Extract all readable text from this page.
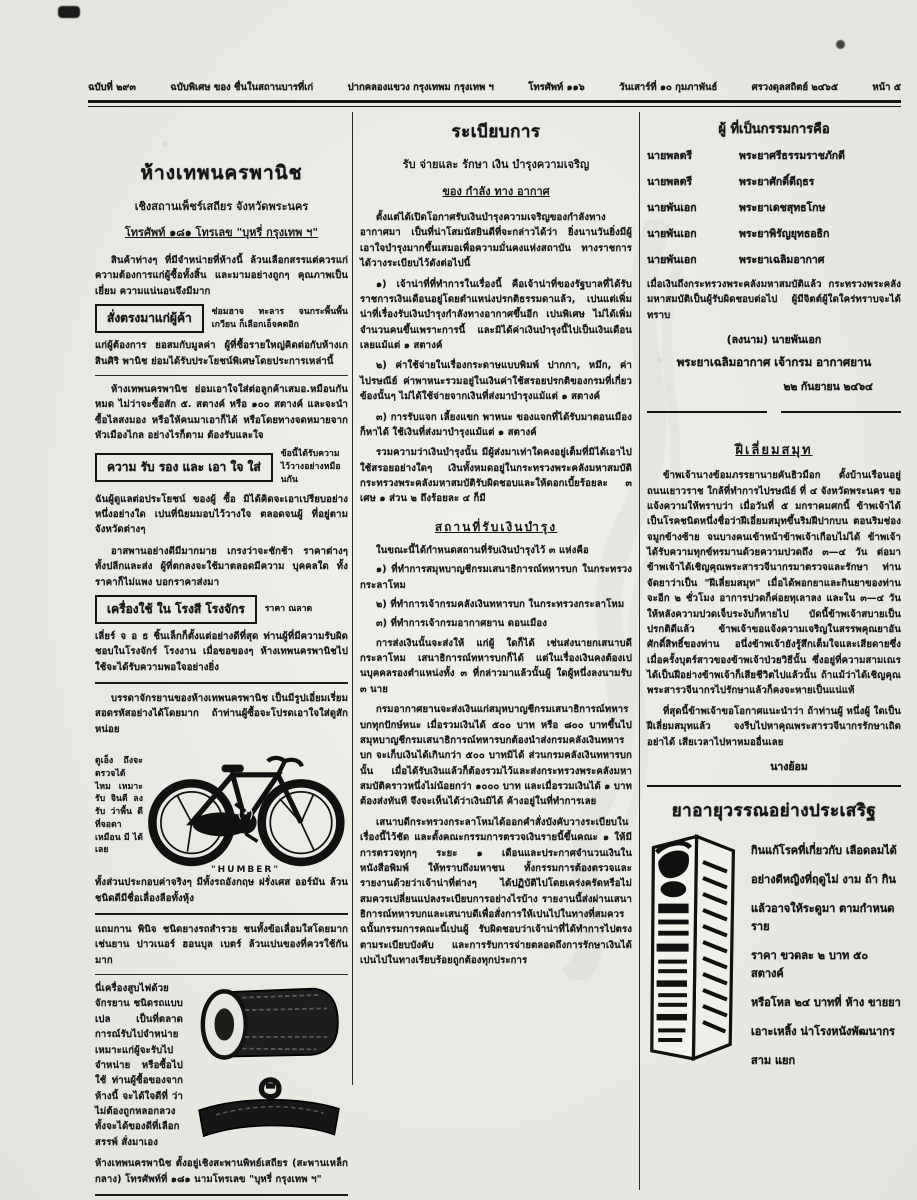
ฉบับที่ ๒๙๓	ฉบับพิเศษ ของ ชื่นในสถานบารที่เก่	ปากคลองแขวง กรุงเทพม กรุงเทพ ฯ	โทรศัพท์ ๑๑๖	วันเสาร์ที่ ๑๐ กุมภาพันธ์	ศรวงดุลสถิตย์ ๒๔๖๕	หน้า ๕
ห้างเทพนครพานิช
เชิงสถานเพ็ชร์เสถียร จังหวัดพระนคร
โทรศัพท์ ๑๘๑ โทรเลข "บุหรี่ กรุงเทพ ฯ"
สินค้าท่างๆ ที่มีจำหน่ายที่ห้างนี้ ล้วนเลือกสรรแต่ควรแก่ความต้องการแก่ผู้ซื้อทั้งสิ้น และมามอย่างถูกๆ คุณภาพเป็นเยี่ยม ความแน่นอนจึงมีมาก
สั่งตรงมาแก่ผู้ค้า	ซ่อมฮาจ ทะลาร จนกระพื้นพื้นเกวียน ก็เลือกเอ็จคดอิก
แก่ผู้ต้องการ ยอสมกับมูลค่า ผู้ที่ซื้อรายใหญ่คิดต่อกับห้างเกสินศิริ พานิช ย่อมได้รับประโยชน์พิเศษโดยประการเหล่านี้
ห้างเทพนครพานิช ย่อมเอาใจใส่ต่อลูกค้าเสมอ.หมือนกันหมด ไม่ว่าจะซื้อสัก ๕. สตางค์ หรือ ๑๐๐ สตางค์ และจะนำซื้อไลสงมอง หรือให้คนมาเอาก็ได้ หรือโดยทางจดหมายจากหัวเมืองไกล อย่างไรก็ตาม ต้องรับและใจ
ความ รับ รอง และ เอา ใจ ใส่
ข้อนี้ได้รับความไว้วางอย่างหมือนกัน
ฉันผู้ดูแลต่อประโยชน์ ของผู้ ซื้อ มิได้คิดจะเอาเปรียบอย่างหนึ่งอย่างใด เปนที่นิยมมอบไว้วางใจ ตลอดจนผู้ ที่อยู่ตามจังหวัดต่างๆ
อาสพานอย่างดีมีมากมาย เกรงว่าจะชักช้า ราคาต่างๆ ทั้งปลีกและส่ง ผู้ที่ตกลงจะใช้มาตลอดมีความ บุคคลใด ทั้งราคาก็ไม่แพง บอกราคาส่งมา
เครื่องใช้ ใน โรงสี โรงจักร	ราคา ณลาด
เลี่ยร์ จ อ ธ ชิ้นเล็กก็ตั้งแต่อย่างดีที่สุด ท่านผู้ที่มีความรับผิดชอบในโรงจักร์ โรงงาน เมื่อขอของๆ ห้างเทพนครพานิชไปใช้จะได้รับความพอใจอย่างยิ่ง
บรรดาจักรยานของห้างเทพนครพานิช เป็นมีรูปเอี่ยมเรี่ยม สอดรหัสอย่างได้โดยมาก ถ้าท่านผู้ซื้อจะโปรดเอาใจใส่ดูสักหน่อย
ดูเอ็ง ถึงจะ ตรวจได้ ไหม เหมาะรับ จินตี ลงรับ ว่าพื้น ดีที่จอดา เหมือน มี ได้เลย
(•)
"HUMBER"
ทั้งส่วนประกอบค่าจริงๆ มีทั้งรถอังกฤษ ฝรั่งเศส ออร์มัน ล้วนชนิดดีมีชื่อเลื่องลือทั้งหุ้ง
แถมกาน พินิจ ชนิดยางรถสำรวย ชนทั้งข้อเลื่อมใสโดยมาก เช่นยาน ปาวเนอร์ ฮอนบุล เบตร์ ล้วนเปนของที่ควรใช้กันมาก
นี่เครื่องสูบไฟด้วยจักรยาน ชนิดรถแบบเปล เป็นที่ตลาดการณ์รับไปจำหน่าย เหมาะแก่ผู้จะรับไปจำหน่าย หรือซื้อไปใช้ ท่านผู้ซื้อของจากห้างนี้ จะได้ใจดีที่ ว่าไม่ต้องถูกหลอกลวง ทั้งจะได้ของดีที่เลือกสรรพ์ สั่งมาเอง

ห้างเทพนครพานิช ตั้งอยู่เชิงสะพานพิทย์เสถียร (สะพานเหล็กกลาง) โทรศัพท์ที่ ๑๘๑ นามโทรเลข "บุหรี่ กรุงเทพ ฯ"
ระเบียบการ
รับ จ่ายและ รักษา เงิน บำรุงความเจริญ
ของ กำลัง ทาง อากาศ
ตั้งแต่ได้เปิดโอกาศรับเงินบำรุงความเจริญของกำลังทางอากาศมา เป็นที่น่าโสมนัสยินดีที่จะกล่าวได้ว่า ยิ่งนานวันยิ่งมีผู้เอาใจบำรุงมากขึ้นเสมอเพื่อความมั่นคงแห่งสถาบัน ทางราชการได้วางระเบียบไว้ดังต่อไปนี้
๑) เจ้าน่าที่ที่ทำการในเรื่องนี้ คือเจ้าน่าที่ของรัฐบาลที่ได้รับราชการเงินเดือนอยู่โดยตำแหน่งปรกติธรรมดาแล้ว, เปนแต่เพิ่มน่าที่เรื่องรับเงินบำรุงกำลังทางอากาศขึ้นอีก เปนพิเศษ ไม่ได้เพิ่มจำนวนคนขึ้นเพราะการนี้ และมิได้ค่าเงินบำรุงนี้ไปเป็นเงินเดือนเลยแม้แต่ ๑ สตางค์
๒) ค่าใช้จ่ายในเรื่องกระดาษแบบพิมพ์ ปากกา, หมึก, ค่าไปรษณีย์ ค่าพาหนะรวมอยู่ในเงินค่าใช้สรอยปรกติของกรมที่เกี่ยวข้องนั้นๆ ไม่ได้ใช้จ่ายจากเงินที่ส่งมาบำรุงแม้แต่ ๑ สตางค์
๓) การรับแจก เลี้ยงแขก พาหนะ ของแจกที่ได้รับมาตอนเมืองก็หาได้ ใช้เงินที่ส่งมาบำรุงแม้แต่ ๑ สตางค์
รวมความว่าเงินบำรุงนั้น มีผู้ส่งมาเท่าใดคงอยู่เต็มที่มิได้เอาไปใช้สรอยอย่างใดๆ เงินทั้งหมดอยู่ในกระทรวงพระคลังมหาสมบัติ กระทรวงพระคลังมหาสมบัติรับผิดชอบและให้ดอกเบี้ยร้อยละ ๓ เศษ ๑ ส่วน ๒ ถึงร้อยละ ๔ ก็มี
สถานที่รับเงินบำรุง
ในขณะนี้ได้กำหนดสถานที่รับเงินบำรุงไว้ ๓ แห่งคือ
๑) ที่ทำการสมุหบาญชีกรมเสนาธิการณ์ทหารบก ในกระทรวงกระลาโหม
๒) ที่ทำการเจ้ากรมคลังเงินทหารบก ในกระทรวงกระลาโหม
๓) ที่ทำการเจ้ากรมอากาศยาน ดอนเมือง
การส่งเงินนั้นจะส่งให้ แก่ผู้ ใดก็ได้ เช่นส่งนายกเสนาบดีกระลาโหม เสนาธิการณ์ทหารบกก็ได้ แต่ในเรื่องเงินคงต้องเปนบุคคลรองตำแหน่งทั้ง ๓ ที่กล่าวมาแล้วนั้นผู้ ใดผู้หนึ่งลงนามรับ ๓ นาย
กรมอากาศยานจะส่งเงินแก่สมุหบาญชีกรมเสนาธิการณ์ทหารบกทุกปักษ์หนะ เมื่อรวมเงินได้ ๕๐๐ บาท หรือ ๘๐๐ บาทขึ้นไป สมุหบาญชีกรมเสนาธิการณ์ทหารบกต้องนำส่งกรมคลังเงินทหารบก จะเก็บเงินได้เกินกว่า ๕๐๐ บาทมิได้ ส่วนกรมคลังเงินทหารบกนั้น เมื่อได้รับเงินแล้วก็ต้องรวมไว้และส่งกระทรวงพระคลังมหาสมบัติคราวหนึ่งไม่น้อยกว่า ๑๐๐๐ บาท และเมื่อรวมเงินได้ ๑ บาทต้องส่งทันที จึงจะเห็นได้ว่าเงินมิได้ ค้างอยู่ในที่ทำการเลย
เสนาบดีกระทรวงกระลาโหมได้ออกคำสั่งบังคับวางระเบียบในเรื่องนี้ไว้ชัด และตั้งคณะกรรมการตรวจเงินรายนี้ขึ้นคณะ ๑ ให้มีการตรวจทุกๆ ระยะ ๑ เดือนและประกาศจำนวนเงินใน หนังสือพิมพ์ ให้ทราบถึงมหาชน ทั้งกรรมการต้องตรวจและรายงานด้วยว่าเจ้าน่าที่ต่างๆ ได้ปฏิบัติไปโดยเคร่งครัดหรือไม่ สมควรเปลี่ยนแปลงระเบียบการอย่างไรบ้าง รายงานนี้ส่งผ่านเสนาธิการณ์ทหารบกและเสนาบดีเพื่อสั่งการให้เปนไปในทางที่สมควร ฉนั้นกรรมการคณะนี้เปนผู้ รับผิดชอบว่าเจ้าน่าที่ได้ทำการไปตรงตามระเบียบบังคับ และการรับการจ่ายตลอดถึงการรักษาเงินได้ เปนไปในทางเรียบร้อยถูกต้องทุกประการ
ผู้ ที่เป็นกรรมการคือ
นายพลตรี	พระยาศรีธรรมราชภักดี
นายพลตรี	พระยาศักดิ์ดีฤธร
นายพันเอก	พระยาเดชสุทธโกษ
นายพันเอก	พระยาพิรัญยุทธอธิก
นายพันเอก	พระยาเฉลิมอากาศ
เมื่อเงินถึงกระทรวงพระคลังมหาสมบัติแล้ว กระทรวงพระคลังมหาสมบัติเป็นผู้รับผิดชอบต่อไป ผู้มีจิตต์ผู้ใดใคร่ทราบจะได้ทราบ
(ลงนาม) นายพันเอก
พระยาเฉลิมอากาศ เจ้ากรม อากาศยาน
๒๒ กันยายน ๒๔๖๔
ฝีเลี่ยมสมุท
ข้าพเจ้านางข้อมภรรยานายคันธิวมือก ตั้งบ้านเรือนอยู่ถนนเยาวราช ใกล้ที่ทำการไปรษณีย์ ที่ ๔ จังหวัดพระนคร ขอแจ้งความให้ทราบว่า เมื่อวันที่ ๕ มกราคมศกนี้ ข้าพเจ้าได้เป็นโรคชนิดหนึ่งชื่อว่าฝีเอี่ยมสมุทขึ้นริมฝีปากบน ตอนริมช่องจมูกข้างซ้าย จนบางคนเข้าหน้าข้าพเจ้าเกือบไม่ได้ ข้าพเจ้าได้รับความทุกข์ทรมานด้วยความปวดถึง ๓—๔ วัน ต่อมาข้าพเจ้าได้เชิญคุณพระสารวจีนากรมาตรวจและรักษา ท่านจัดยาว่าเป็น "ฝีเลี่ยมสมุท" เมื่อได้พอกยาและกินยาของท่านจะอีก ๒ ชั่วโมง อาการปวดก็ค่อยทุเลาลง และใน ๓—๔ วันให้หลังความปวดเจ็บระงับก็หายไป บัดนี้ข้าพเจ้าสบายเป็นปรกติดีแล้ว ข้าพเจ้าขอแจ้งความเจริญในสรรพคุณยาอันศักดิ์สิทธิ์ของท่าน อนึ่งข้าพเจ้ายังรู้สึกเต็มใจและเสียดายซึ่งเมื่อครั้งบุตร์สาวของข้าพเจ้าป่วยวิธีนั้น ซึ่งอยู่ที่ความสามเณรได้เป็นฝีอย่างข้าพเจ้าก็เสียชีวิตไปแล้วนั้น ถ้าแม้ว่าได้เชิญคุณพระสารวจีนากรไปรักษาแล้วก็คงจะหายเป็นแน่แท้
ที่สุดนี้ข้าพเจ้าขอโอกาศแนะนำว่า ถ้าท่านผู้ หนึ่งผู้ ใดเป็นฝีเลี่ยมสมุทแล้ว จงรีบไปหาคุณพระสารวจีนากรรักษาเถิด อย่าได้ เสียเวลาไปหาหมออื่นเลย
นางย้อม
ยาอายุวรรณอย่างประเสริฐ
กินแก้โรคที่เกี่ยวกับ เลือดลมได้
อย่างดีหญิงที่ฤดูไม่ งาม ถ้า กิน
แล้วอาจให้ระดูมา ตามกำหนดราย
ราคา ขวดละ ๒ บาท ๕๐ สตางค์
หรือโหล ๒๔ บาทที่ ห้าง ขายยา
เอาะเหลิ้ง น่าโรงหนังพัฒนากร
สาม แยก
